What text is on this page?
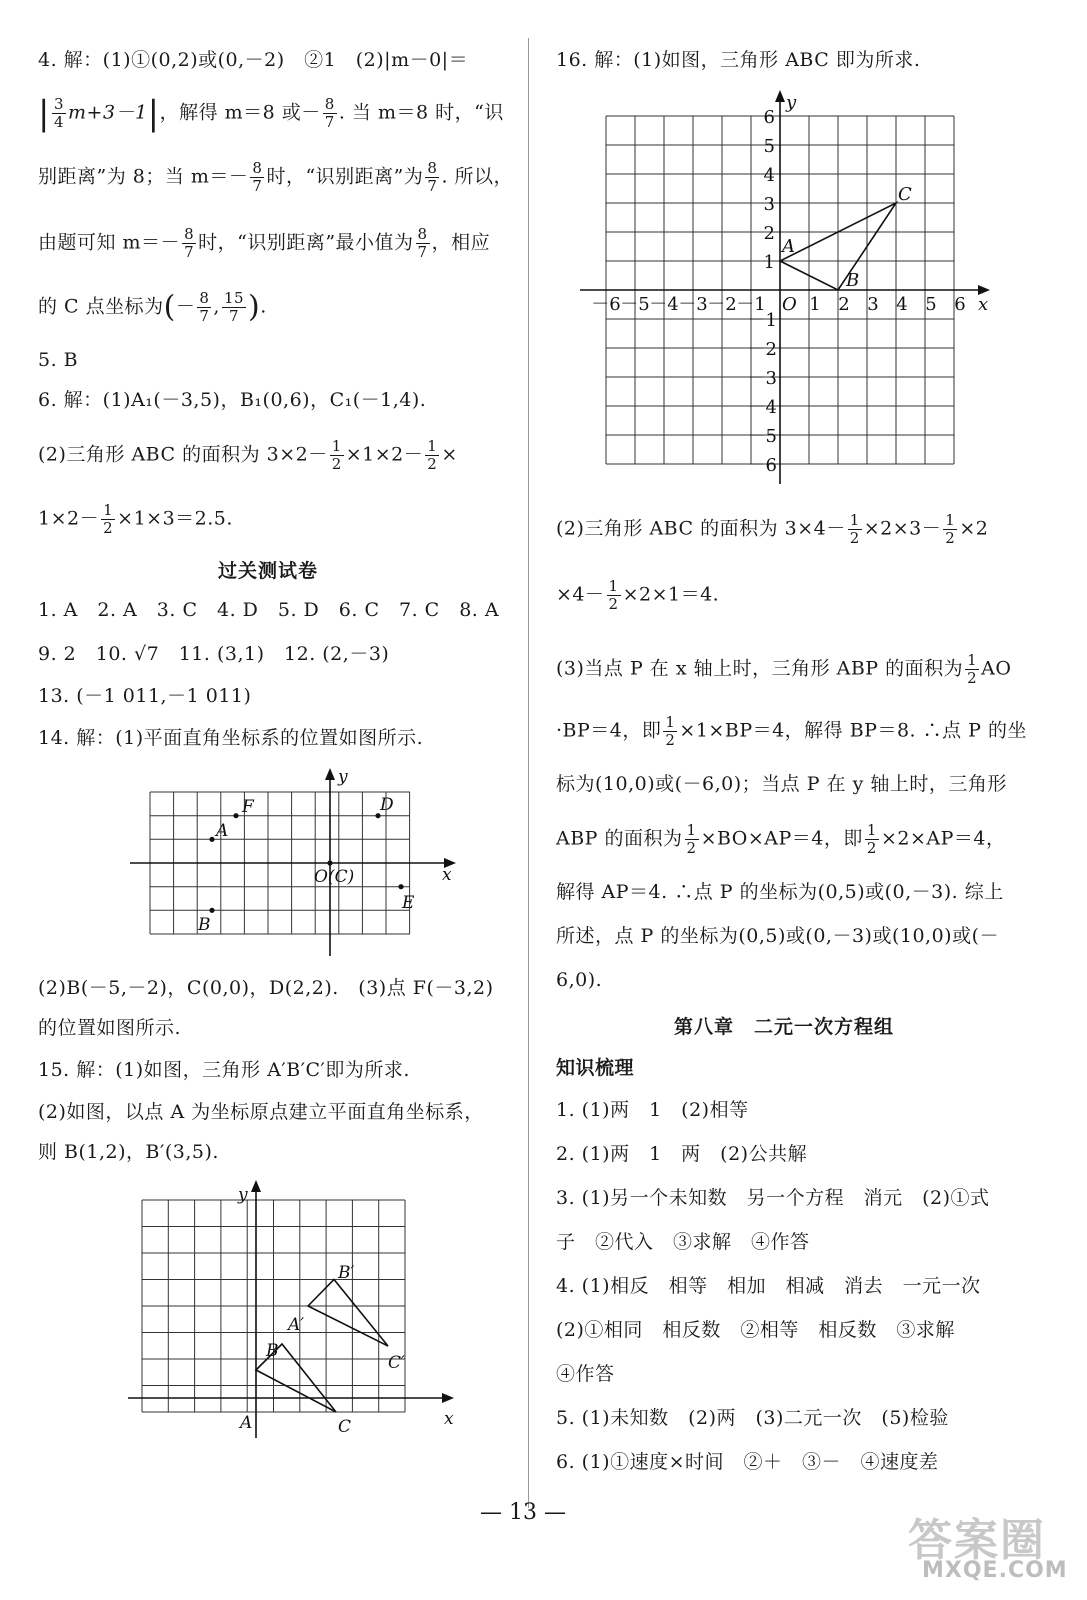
4. 解：(1)①(0,2)或(0,－2)　②1　(2)|m－0|＝
| $\frac{3}{4} m+3-1|$，解得 m＝8 或－ $\frac{8}{7}$ . 当 m＝8 时，“识
别距离”为 8；当 $m=- \frac{8}{7}$ 时，“识别距离”为 $\frac{8}{7}$ . 所以，
由题可知 $m=- \frac{8}{7}$ 时，“识别距离”最小值为 $\frac{8}{7}$ ，相应
的 C 点坐标为(－ $\frac{8}{7}$ , $\frac{15}{7}$ ).
5. B
6. 解：(1)A₁(－3,5)，B₁(0,6)，C₁(－1,4).
(2)三角形 ABC 的面积为 $3\times 2- \frac{1}{2} \times 1\times 2- \frac{1}{2}$ ×
$1\times 2- \frac{1}{2} \times 1\times 3=2.5$.
过关测试卷
1. A　2. A　3. C　4. D　5. D　6. C　7. C　8. A
9. 2　10. √7　11. (3,1)　12. (2,－3)
13. (－1 011,－1 011)
14. 解：(1)平面直角坐标系的位置如图所示.
y
x
F
A
D
O(C)
E
B
(2)B(－5,－2)，C(0,0)，D(2,2).　(3)点 F(－3,2)
的位置如图所示.
15. 解：(1)如图，三角形 A′B′C′即为所求.
(2)如图，以点 A 为坐标原点建立平面直角坐标系，
则 B(1,2)，B′(3,5).
y
x
B′
A′
C′
B
A	C
16. 解：(1)如图，三角形 ABC 即为所求.
y
x
O
－6 －5 －4 －3 －2 －1 1 2 3 4 5 6
6
5
4
3
2
1
－1
－2
－3
－4
－5
－6
A
B
C
(2)三角形 ABC 的面积为 $3\times 4- \frac{1}{2} \times 2\times 3- \frac{1}{2} \times 2$
$\times 4- \frac{1}{2} \times 2\times 1=4$.
(3)当点 P 在 x 轴上时，三角形 ABP 的面积为 $\frac{1}{2}$ AO
·BP＝4，即 $\frac{1}{2} \times 1\times BP=4$，解得 BP＝8. ∴点 P 的坐
标为(10,0)或(－6,0)；当点 P 在 y 轴上时，三角形
ABP 的面积为 $\frac{1}{2} \times BO\times AP=4$，即 $\frac{1}{2} \times 2\times AP=4$，
解得 AP＝4. ∴点 P 的坐标为(0,5)或(0,－3). 综上
所述，点 P 的坐标为(0,5)或(0,－3)或(10,0)或(－
6,0).
第八章　二元一次方程组
知识梳理
1. (1)两　1　(2)相等
2. (1)两　1　两　(2)公共解
3. (1)另一个未知数　另一个方程　消元　(2)①式
子　②代入　③求解　④作答
4. (1)相反　相等　相加　相减　消去　一元一次
(2)①相同　相反数　②相等　相反数　③求解
④作答
5. (1)未知数　(2)两　(3)二元一次　(5)检验
6. (1)①速度×时间　②＋　③－　④速度差
— 13 —
答案圈
MXQE.COM
